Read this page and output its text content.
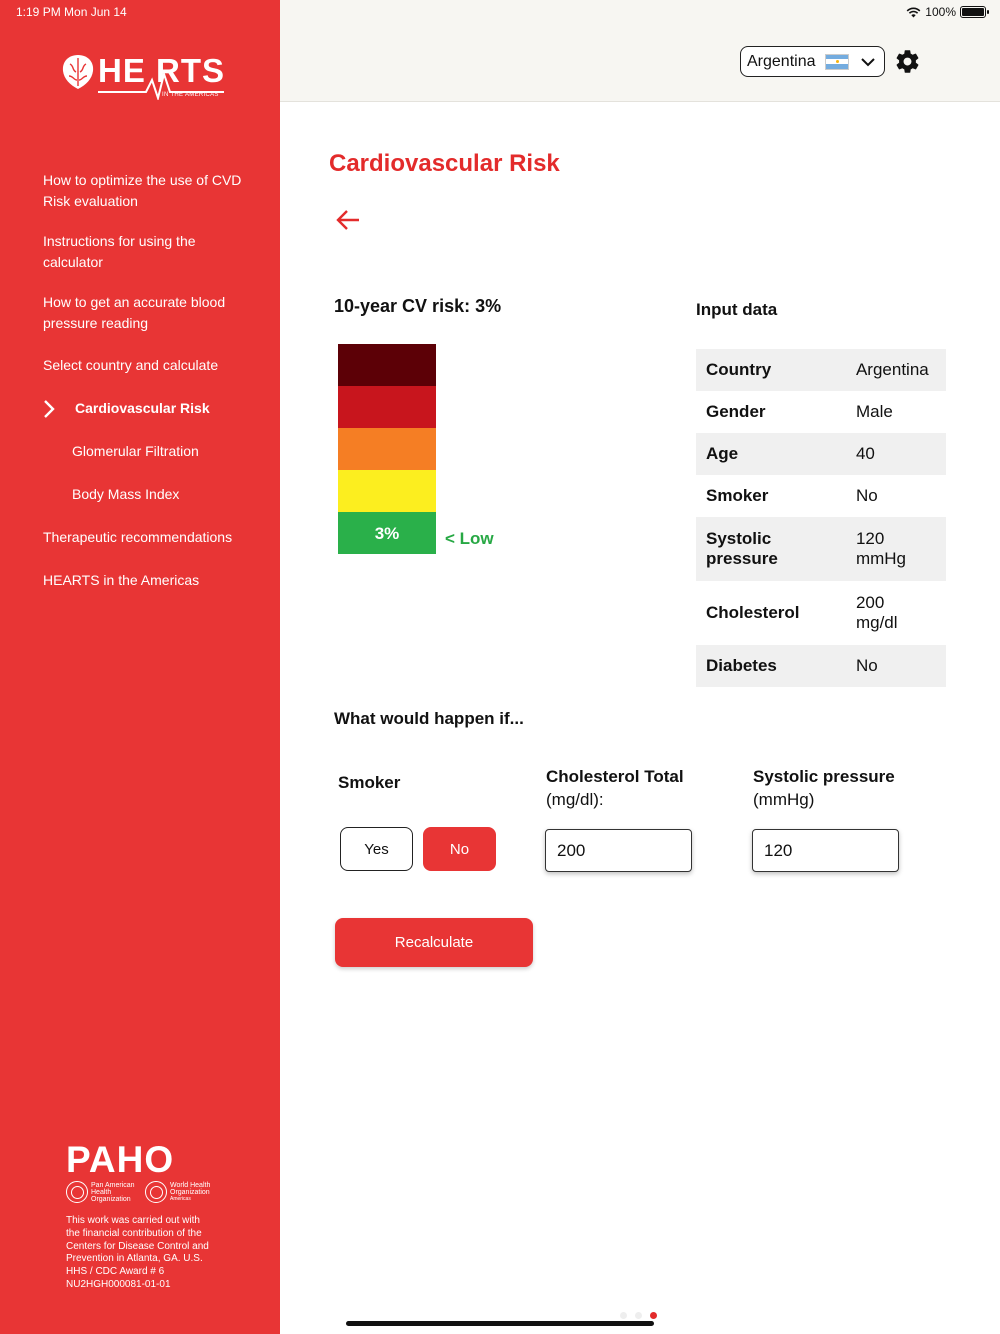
1:19 PM Mon Jun 14	100%
HE RTS
IN THE AMERICAS
How to optimize the use of CVD Risk evaluation
Instructions for using the calculator
How to get an accurate blood pressure reading
Select country and calculate
Cardiovascular Risk
Glomerular Filtration
Body Mass Index
Therapeutic recommendations
HEARTS in the Americas
PAHO
Pan American Health Organization
World Health Organization
Americas
This work was carried out with the financial contribution of the Centers for Disease Control and Prevention in Atlanta, GA. U.S. HHS / CDC Award # 6 NU2HGH000081-01-01
Argentina
Cardiovascular Risk
10-year CV risk: 3%
3%	< Low
Input data
Country	Argentina
Gender	Male
Age	40
Smoker	No
Systolic pressure	120 mmHg
Cholesterol	200 mg/dl
Diabetes	No
What would happen if...
Smoker	Cholesterol Total
(mg/dl):
Systolic pressure
(mmHg)
Yes	No
200
120
Recalculate
